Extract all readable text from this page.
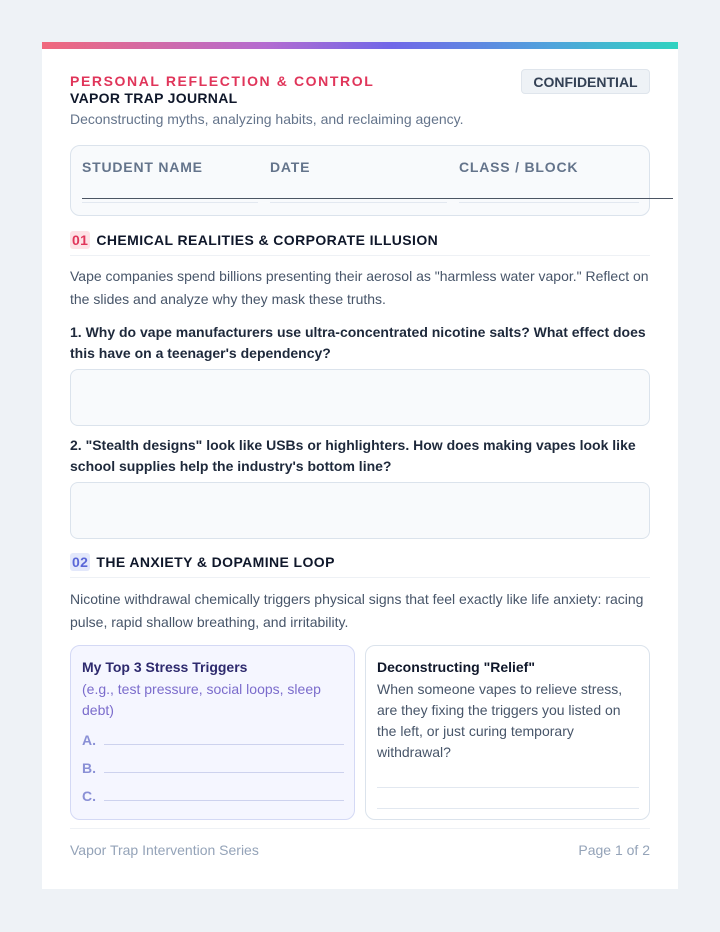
PERSONAL REFLECTION & CONTROL
VAPOR TRAP JOURNAL
CONFIDENTIAL
Deconstructing myths, analyzing habits, and reclaiming agency.
STUDENT NAME	DATE	CLASS / BLOCK
01 CHEMICAL REALITIES & CORPORATE ILLUSION
Vape companies spend billions presenting their aerosol as "harmless water vapor." Reflect on the slides and analyze why they mask these truths.
1. Why do vape manufacturers use ultra-concentrated nicotine salts? What effect does this have on a teenager's dependency?
2. "Stealth designs" look like USBs or highlighters. How does making vapes look like school supplies help the industry's bottom line?
02 THE ANXIETY & DOPAMINE LOOP
Nicotine withdrawal chemically triggers physical signs that feel exactly like life anxiety: racing pulse, rapid shallow breathing, and irritability.
My Top 3 Stress Triggers
(e.g., test pressure, social loops, sleep debt)
A.
B.
C.
Deconstructing "Relief"
When someone vapes to relieve stress, are they fixing the triggers you listed on the left, or just curing temporary withdrawal?
Vapor Trap Intervention Series	Page 1 of 2
